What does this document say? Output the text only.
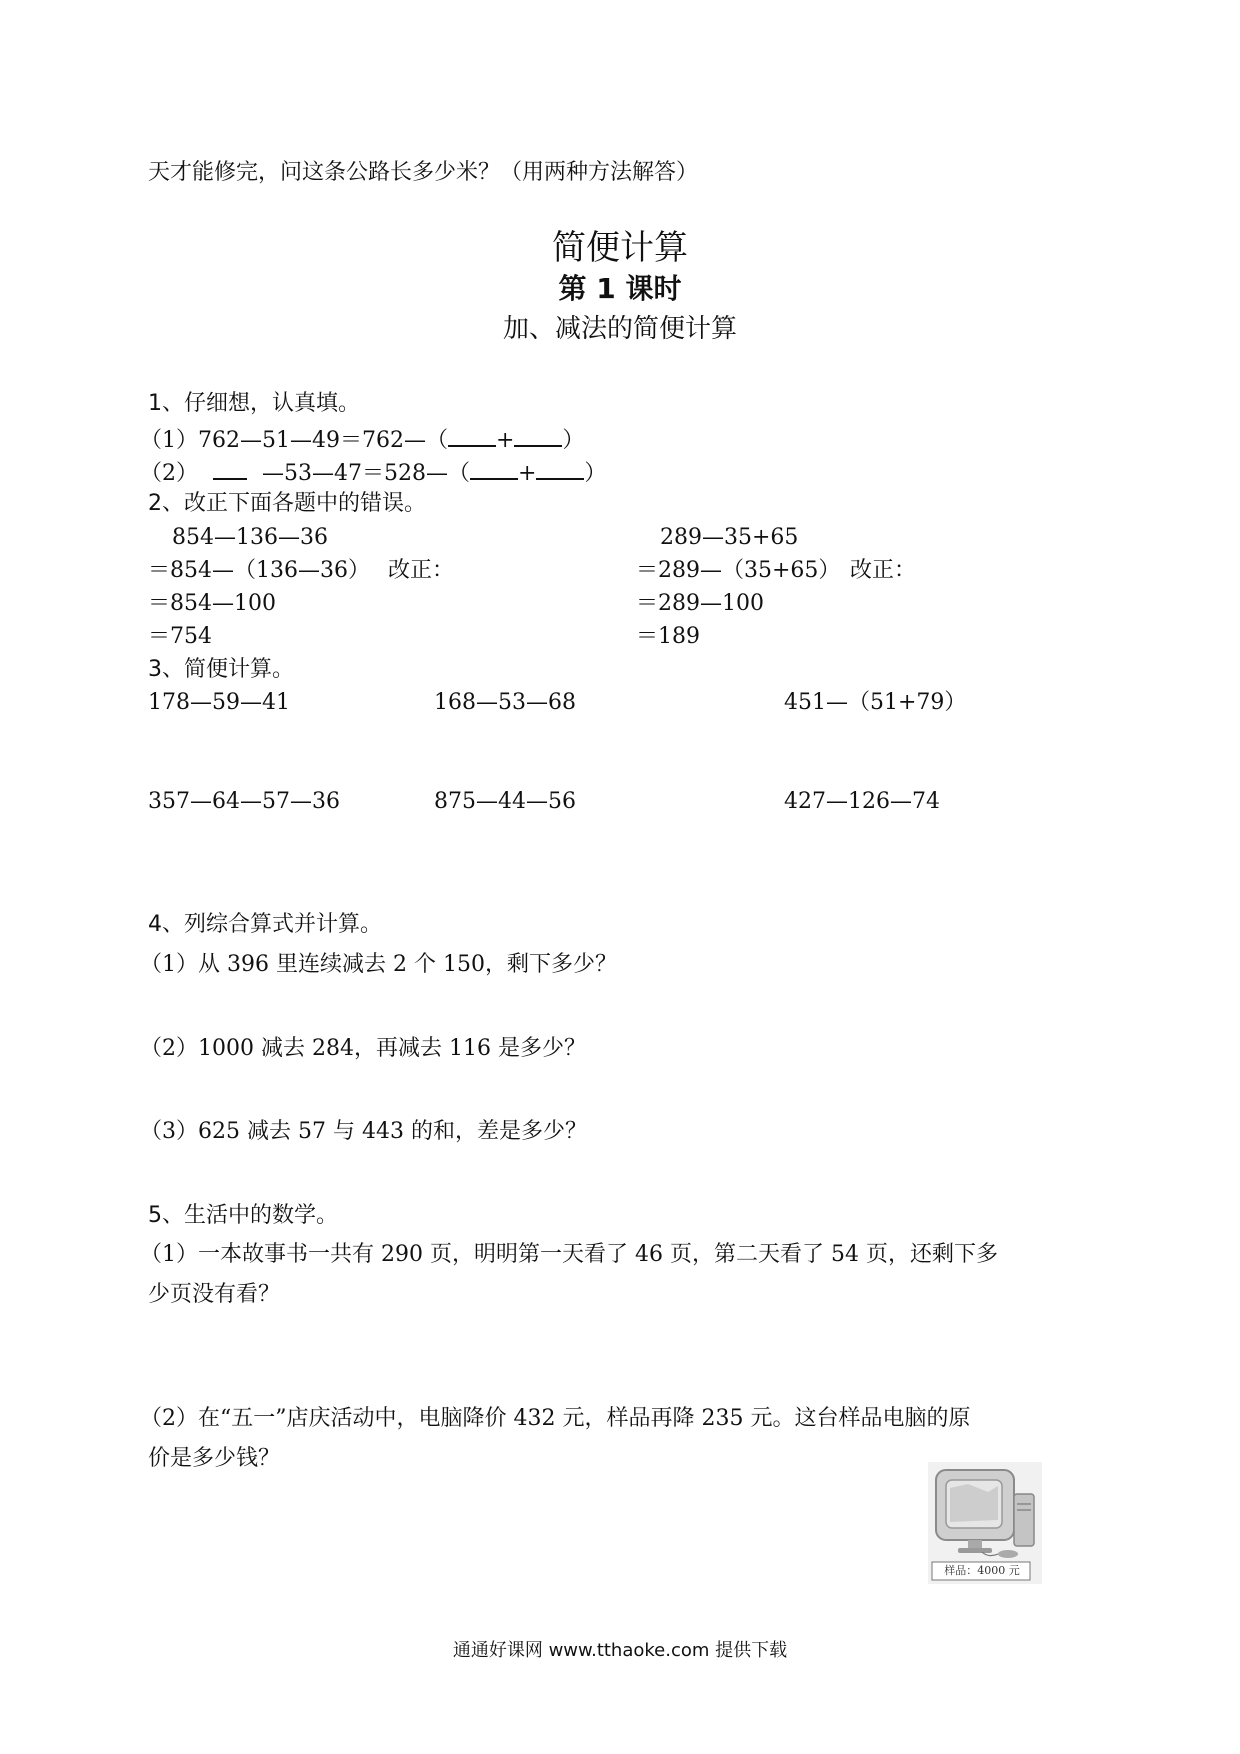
天才能修完，问这条公路长多少米？（用两种方法解答）
简便计算
第 1 课时
加、减法的简便计算
1、仔细想，认真填。
（1）762—51—49＝762—（ + ）
（2）	—53—47＝528—（ + ）
2、改正下面各题中的错误。
854—136—36
＝854—（136—36） 改正：
＝854—100
＝754
289—35+65
＝289—（35+65） 改正：
＝289—100
＝189
3、简便计算。
178—59—41	168—53—68	451—（51+79）
357—64—57—36	875—44—56	427—126—74
4、列综合算式并计算。
（1）从 396 里连续减去 2 个 150，剩下多少？
（2）1000 减去 284，再减去 116 是多少？
（3）625 减去 57 与 443 的和，差是多少？
5、生活中的数学。
（1）一本故事书一共有 290 页，明明第一天看了 46 页，第二天看了 54 页，还剩下多
少页没有看？
（2）在“五一”店庆活动中，电脑降价 432 元，样品再降 235 元。这台样品电脑的原
价是多少钱？
样品：4000 元
通通好课网 www.tthaoke.com 提供下载
